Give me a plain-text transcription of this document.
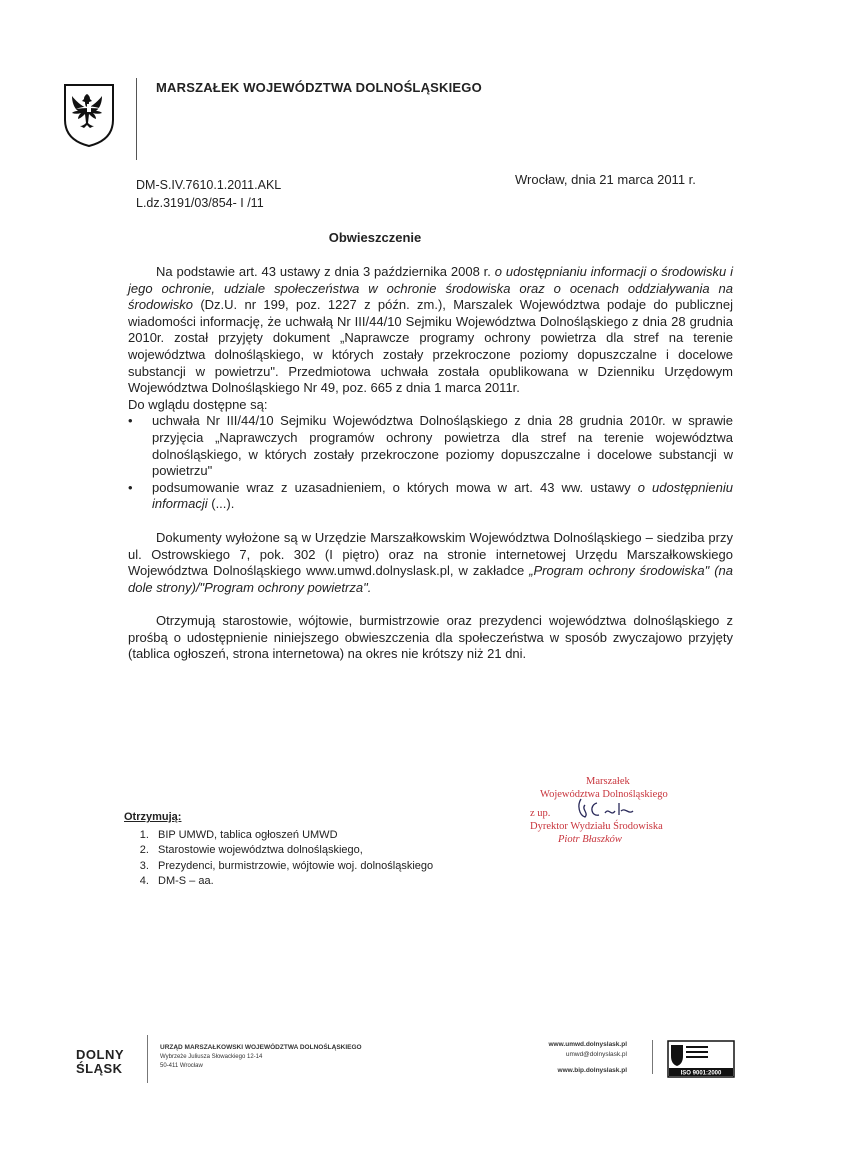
MARSZAŁEK WOJEWÓDZTWA DOLNOŚLĄSKIEGO
DM-S.IV.7610.1.2011.AKL
L.dz.3191/03/854- I /11
Wrocław, dnia 21 marca 2011 r.
Obwieszczenie

Na podstawie art. 43 ustawy z dnia 3 października 2008 r. o udostępnianiu informacji o środowisku i jego ochronie, udziale społeczeństwa w ochronie środowiska oraz o ocenach oddziaływania na środowisko (Dz.U. nr 199, poz. 1227 z późn. zm.), Marszalek Województwa podaje do publicznej wiadomości informację, że uchwałą Nr III/44/10 Sejmiku Województwa Dolnośląskiego z dnia 28 grudnia 2010r. został przyjęty dokument „Naprawcze programy ochrony powietrza dla stref na terenie województwa dolnośląskiego, w których zostały przekroczone poziomy dopuszczalne i docelowe substancji w powietrzu". Przedmiotowa uchwała została opublikowana w Dzienniku Urzędowym Województwa Dolnośląskiego Nr 49, poz. 665 z dnia 1 marca 2011r.

Do wglądu dostępne są:

•	uchwała Nr III/44/10 Sejmiku Województwa Dolnośląskiego z dnia 28 grudnia 2010r. w sprawie przyjęcia „Naprawczych programów ochrony powietrza dla stref na terenie województwa dolnośląskiego, w których zostały przekroczone poziomy dopuszczalne i docelowe substancji w powietrzu"
•	podsumowanie wraz z uzasadnieniem, o których mowa w art. 43 ww. ustawy o udostępnieniu informacji (...).

Dokumenty wyłożone są w Urzędzie Marszałkowskim Województwa Dolnośląskiego – siedziba przy ul. Ostrowskiego 7, pok. 302 (I piętro) oraz na stronie internetowej Urzędu Marszałkowskiego Województwa Dolnośląskiego www.umwd.dolnyslask.pl, w zakładce „Program ochrony środowiska" (na dole strony)/"Program ochrony powietrza".

Otrzymują starostowie, wójtowie, burmistrzowie oraz prezydenci województwa dolnośląskiego z prośbą o udostępnienie niniejszego obwieszczenia dla społeczeństwa w sposób zwyczajowo przyjęty (tablica ogłoszeń, strona internetowa) na okres nie krótszy niż 21 dni.

Marszałek
Województwa Dolnośląskiego
z up.
Dyrektor Wydziału Środowiska
Piotr Błaszków
Otrzymują:
1. BIP UMWD, tablica ogłoszeń UMWD
2. Starostowie województwa dolnośląskiego,
3. Prezydenci, burmistrzowie, wójtowie woj. dolnośląskiego
4. DM-S – aa.
DOLNY
ŚLĄSK
URZĄD MARSZAŁKOWSKI WOJEWÓDZTWA DOLNOŚLĄSKIEGO
Wybrzeże Juliusza Słowackiego 12-14
50-411 Wrocław
www.umwd.dolnyslask.pl
umwd@dolnyslask.pl
www.bip.dolnyslask.pl	ISO 9001:2000
